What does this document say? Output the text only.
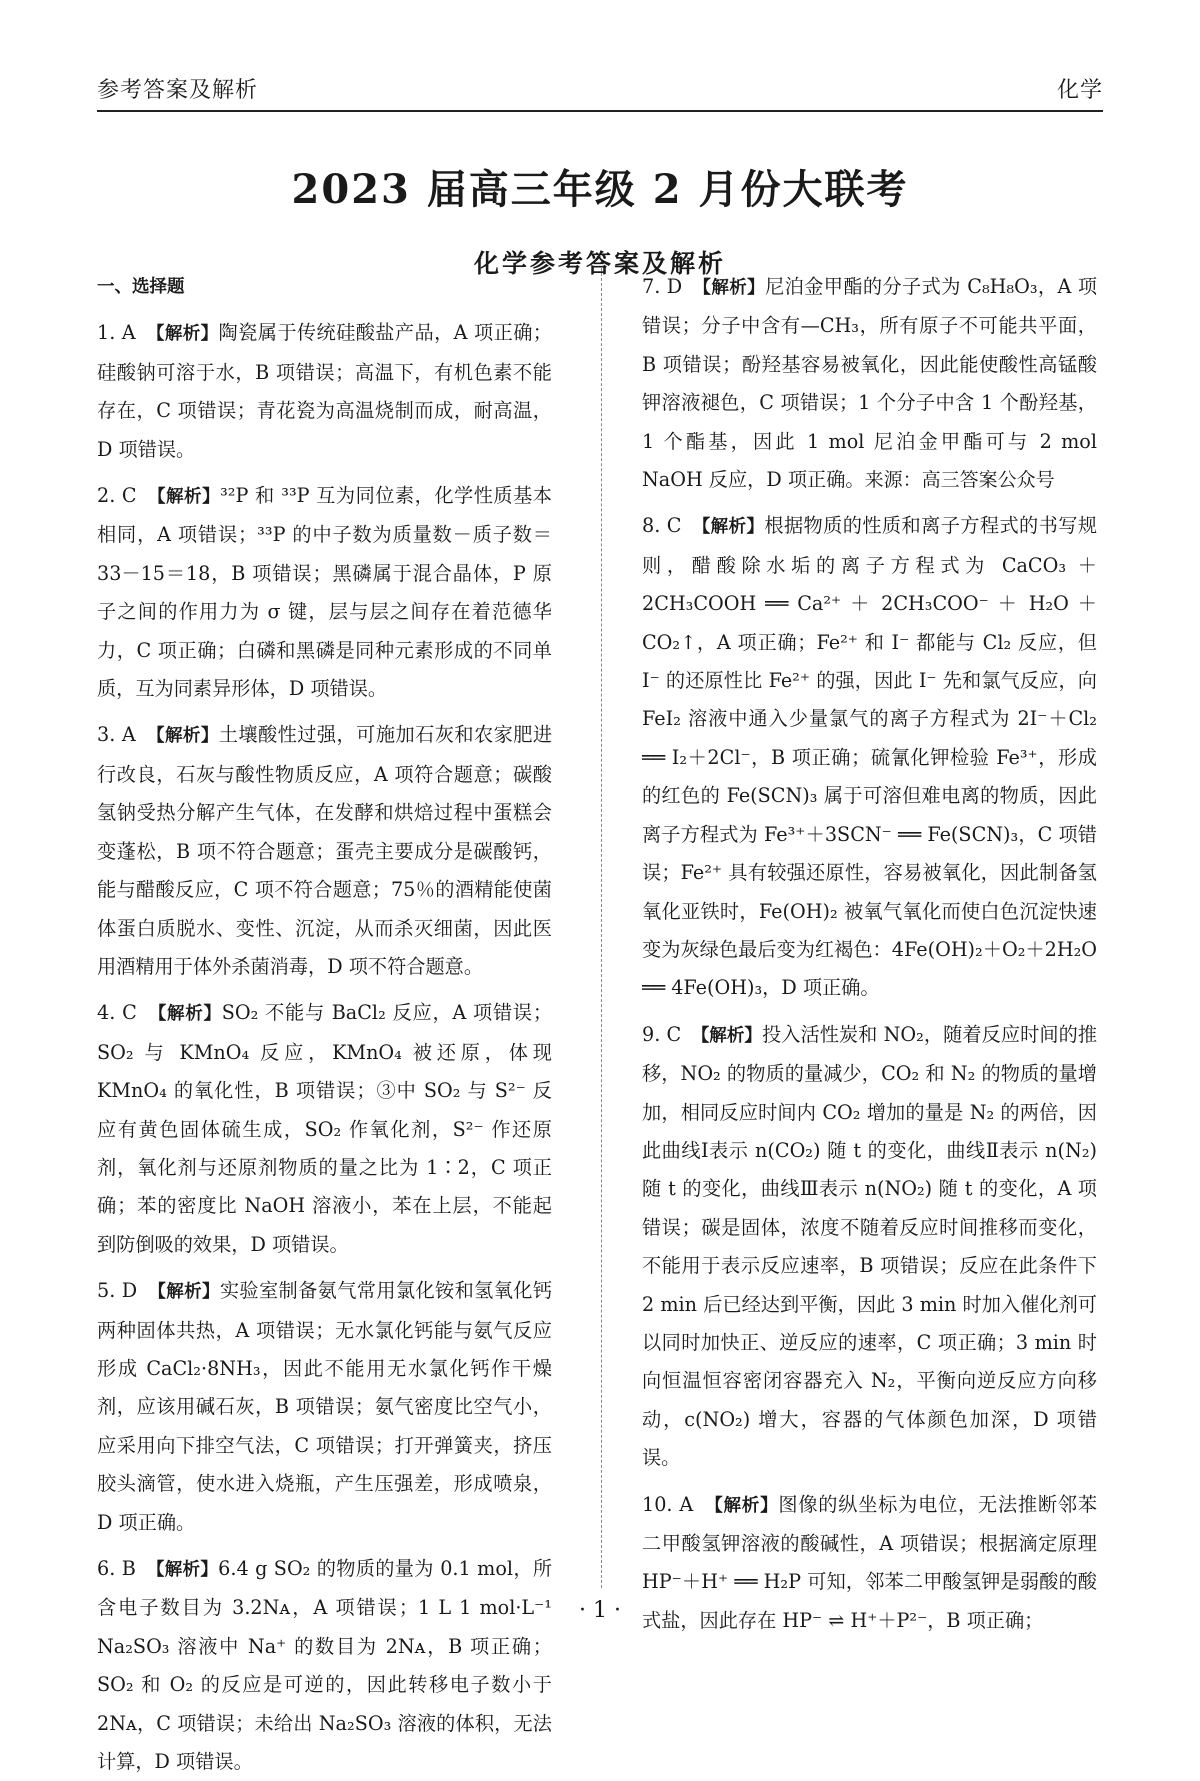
参考答案及解析	化学
2023 届高三年级 2 月份大联考
化学参考答案及解析
一、选择题
1. A　 【解析】陶瓷属于传统硅酸盐产品，A 项正确；硅酸钠可溶于水，B 项错误；高温下，有机色素不能存在，C 项错误；青花瓷为高温烧制而成，耐高温，D 项错误。
2. C　 【解析】³²P 和 ³³P 互为同位素，化学性质基本相同，A 项错误；³³P 的中子数为质量数－质子数＝33－15＝18，B 项错误；黑磷属于混合晶体，P 原子之间的作用力为 σ 键，层与层之间存在着范德华力，C 项正确；白磷和黑磷是同种元素形成的不同单质，互为同素异形体，D 项错误。
3. A　 【解析】土壤酸性过强，可施加石灰和农家肥进行改良，石灰与酸性物质反应，A 项符合题意；碳酸氢钠受热分解产生气体，在发酵和烘焙过程中蛋糕会变蓬松，B 项不符合题意；蛋壳主要成分是碳酸钙，能与醋酸反应，C 项不符合题意；75％的酒精能使菌体蛋白质脱水、变性、沉淀，从而杀灭细菌，因此医用酒精用于体外杀菌消毒，D 项不符合题意。
4. C　 【解析】SO₂ 不能与 BaCl₂ 反应，A 项错误；SO₂ 与 KMnO₄ 反应，KMnO₄ 被还原，体现 KMnO₄ 的氧化性，B 项错误；③中 SO₂ 与 S²⁻ 反应有黄色固体硫生成，SO₂ 作氧化剂，S²⁻ 作还原剂，氧化剂与还原剂物质的量之比为 1∶2，C 项正确；苯的密度比 NaOH 溶液小，苯在上层，不能起到防倒吸的效果，D 项错误。
5. D　 【解析】实验室制备氨气常用氯化铵和氢氧化钙两种固体共热，A 项错误；无水氯化钙能与氨气反应形成 CaCl₂·8NH₃，因此不能用无水氯化钙作干燥剂，应该用碱石灰，B 项错误；氨气密度比空气小，应采用向下排空气法，C 项错误；打开弹簧夹，挤压胶头滴管，使水进入烧瓶，产生压强差，形成喷泉，D 项正确。
6. B　 【解析】6.4 g SO₂ 的物质的量为 0.1 mol，所含电子数目为 3.2Nᴀ，A 项错误；1 L 1 mol·L⁻¹ Na₂SO₃ 溶液中 Na⁺ 的数目为 2Nᴀ，B 项正确；SO₂ 和 O₂ 的反应是可逆的，因此转移电子数小于 2Nᴀ，C 项错误；未给出 Na₂SO₃ 溶液的体积，无法计算，D 项错误。
7. D　 【解析】尼泊金甲酯的分子式为 C₈H₈O₃，A 项错误；分子中含有—CH₃，所有原子不可能共平面，B 项错误；酚羟基容易被氧化，因此能使酸性高锰酸钾溶液褪色，C 项错误；1 个分子中含 1 个酚羟基，1 个酯基，因此 1 mol 尼泊金甲酯可与 2 mol NaOH 反应，D 项正确。来源：高三答案公众号
8. C　 【解析】根据物质的性质和离子方程式的书写规则，醋酸除水垢的离子方程式为 CaCO₃ ＋ 2CH₃COOH ══ Ca²⁺ ＋ 2CH₃COO⁻ ＋ H₂O ＋ CO₂↑，A 项正确；Fe²⁺ 和 I⁻ 都能与 Cl₂ 反应，但 I⁻ 的还原性比 Fe²⁺ 的强，因此 I⁻ 先和氯气反应，向 FeI₂ 溶液中通入少量氯气的离子方程式为 2I⁻＋Cl₂ ══ I₂＋2Cl⁻，B 项正确；硫氰化钾检验 Fe³⁺，形成的红色的 Fe(SCN)₃ 属于可溶但难电离的物质，因此离子方程式为 Fe³⁺＋3SCN⁻ ══ Fe(SCN)₃，C 项错误；Fe²⁺ 具有较强还原性，容易被氧化，因此制备氢氧化亚铁时，Fe(OH)₂ 被氧气氧化而使白色沉淀快速变为灰绿色最后变为红褐色：4Fe(OH)₂＋O₂＋2H₂O ══ 4Fe(OH)₃，D 项正确。
9. C　 【解析】投入活性炭和 NO₂，随着反应时间的推移，NO₂ 的物质的量减少，CO₂ 和 N₂ 的物质的量增加，相同反应时间内 CO₂ 增加的量是 N₂ 的两倍，因此曲线Ⅰ表示 n(CO₂) 随 t 的变化，曲线Ⅱ表示 n(N₂) 随 t 的变化，曲线Ⅲ表示 n(NO₂) 随 t 的变化，A 项错误；碳是固体，浓度不随着反应时间推移而变化，不能用于表示反应速率，B 项错误；反应在此条件下 2 min 后已经达到平衡，因此 3 min 时加入催化剂可以同时加快正、逆反应的速率，C 项正确；3 min 时向恒温恒容密闭容器充入 N₂，平衡向逆反应方向移动，c(NO₂) 增大，容器的气体颜色加深，D 项错误。
10. A　 【解析】图像的纵坐标为电位，无法推断邻苯二甲酸氢钾溶液的酸碱性，A 项错误；根据滴定原理 HP⁻＋H⁺ ══ H₂P 可知，邻苯二甲酸氢钾是弱酸的酸式盐，因此存在 HP⁻ ⇌ H⁺＋P²⁻，B 项正确；
· 1 ·
